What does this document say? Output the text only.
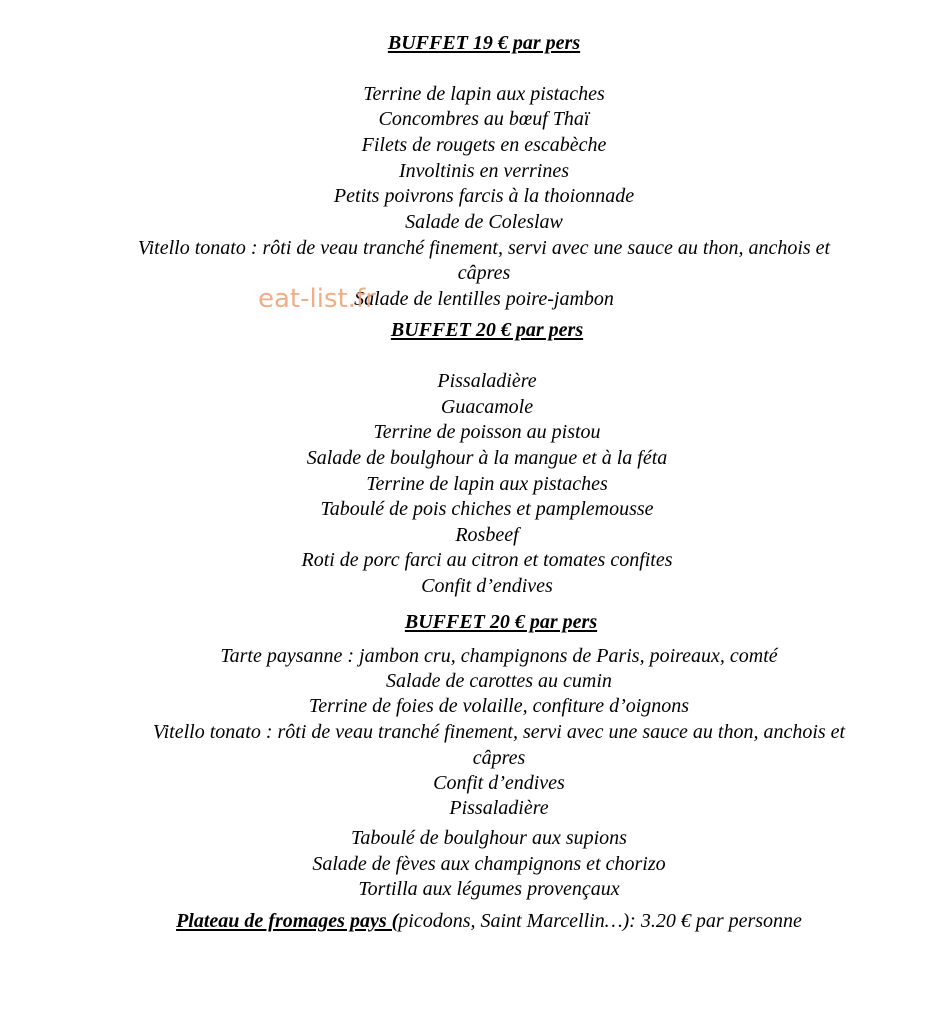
BUFFET 19 € par pers
Terrine de lapin aux pistaches
Concombres au bœuf Thaï
Filets de rougets en escabèche
Involtinis en verrines
Petits poivrons farcis à la thoionnade
Salade de Coleslaw
Vitello tonato : rôti de veau tranché finement, servi avec une sauce au thon, anchois et
câpres
Salade de lentilles poire-jambon
eat-list.fr
BUFFET 20 € par pers
Pissaladière
Guacamole
Terrine de poisson au pistou
Salade de boulghour à la mangue et à la féta
Terrine de lapin aux pistaches
Taboulé de pois chiches et pamplemousse
Rosbeef
Roti de porc farci au citron et tomates confites
Confit d’endives
BUFFET 20 € par pers
Tarte paysanne : jambon cru, champignons de Paris, poireaux, comté
Salade de carottes au cumin
Terrine de foies de volaille, confiture d’oignons
Vitello tonato : rôti de veau tranché finement, servi avec une sauce au thon, anchois et
câpres
Confit d’endives
Pissaladière
Taboulé de boulghour aux supions
Salade de fèves aux champignons et chorizo
Tortilla aux légumes provençaux
Plateau de fromages pays (picodons, Saint Marcellin…): 3.20 € par personne
